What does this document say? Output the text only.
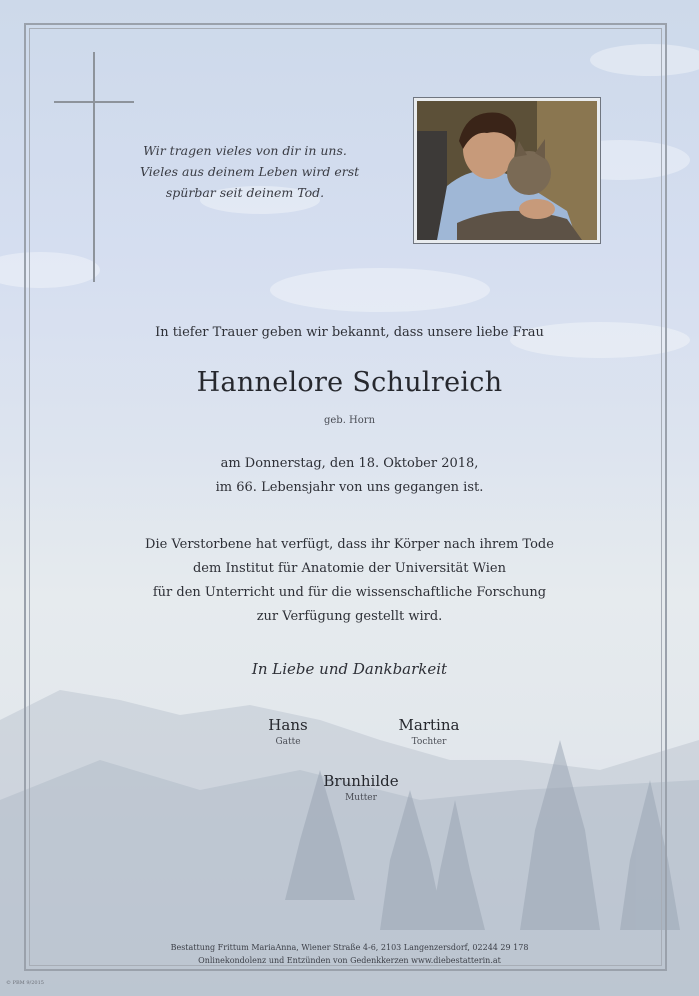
Wir tragen vieles von dir in uns.
Vieles aus deinem Leben wird erst
spürbar seit deinem Tod.
In tiefer Trauer geben wir bekannt, dass unsere liebe Frau
Hannelore Schulreich
geb. Horn
am Donnerstag, den 18. Oktober 2018,
im 66. Lebensjahr von uns gegangen ist.
Die Verstorbene hat verfügt, dass ihr Körper nach ihrem Tode
dem Institut für Anatomie der Universität Wien
für den Unterricht und für die wissenschaftliche Forschung
zur Verfügung gestellt wird.
In Liebe und Dankbarkeit
Hans
Gatte
Martina
Tochter
Brunhilde
Mutter
Bestattung Frittum MariaAnna, Wiener Straße 4-6, 2103 Langenzersdorf, 02244 29 178
Onlinekondolenz und Entzünden von Gedenkkerzen www.diebestatterin.at
© PBM 9/2015
